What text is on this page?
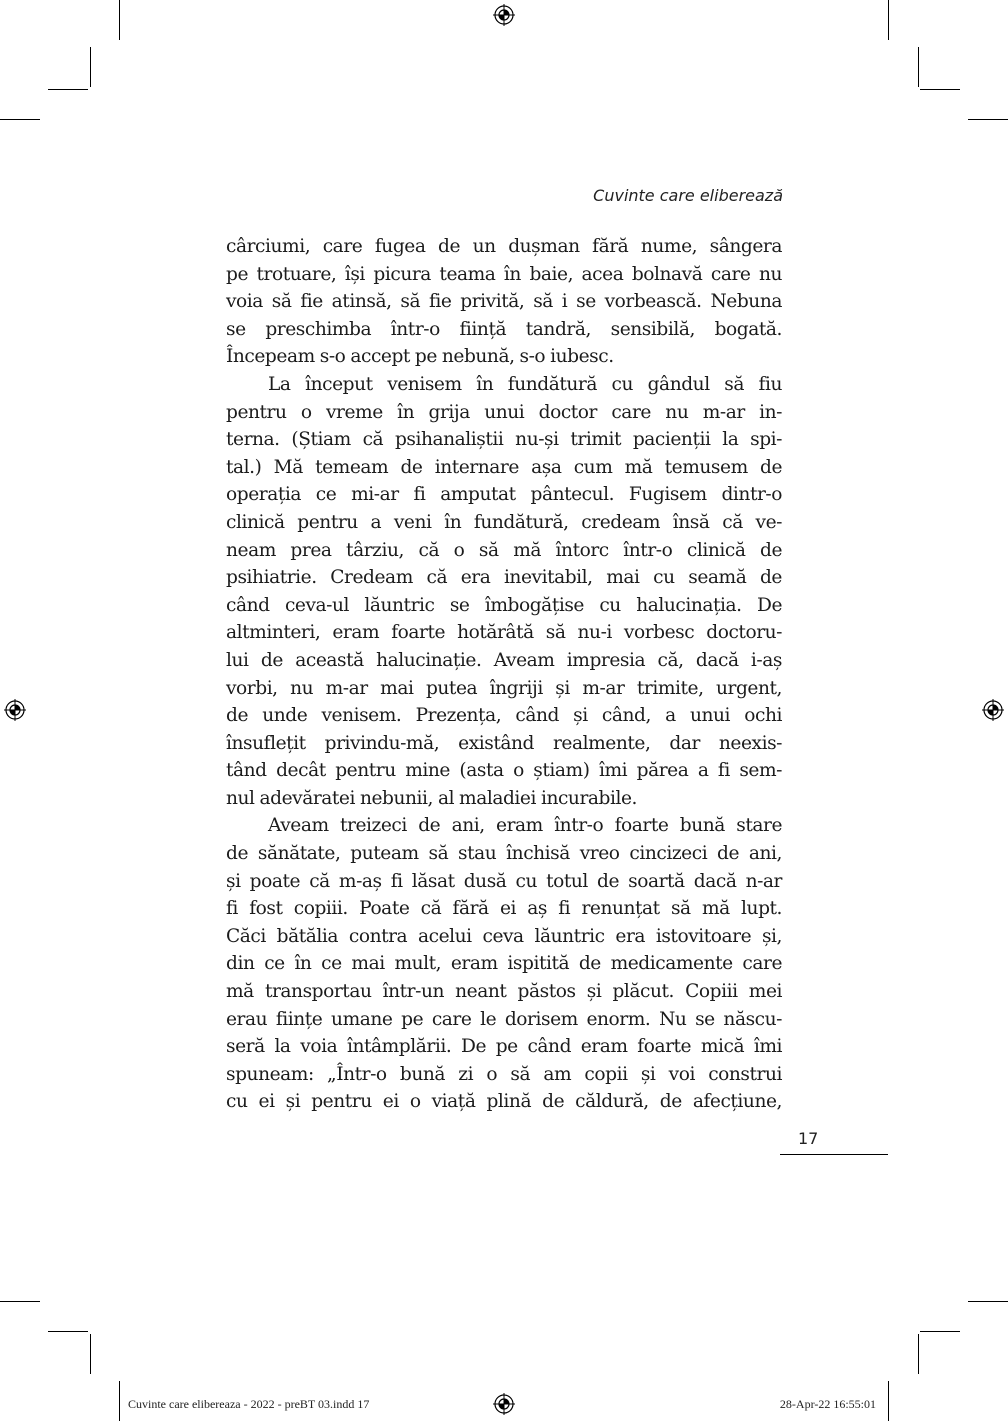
Cuvinte care eliberează
cârciumi, care fugea de un dușman fără nume, sângera
pe trotuare, își picura teama în baie, acea bolnavă care nu
voia să fie atinsă, să fie privită, să i se vorbească. Nebuna
se preschimba într-o ființă tandră, sensibilă, bogată.
Începeam s-o accept pe nebună, s-o iubesc.
La început venisem în fundătură cu gândul să fiu
pentru o vreme în grija unui doctor care nu m-ar in-
terna. (Știam că psihanaliștii nu-și trimit pacienții la spi-
tal.) Mă temeam de internare așa cum mă temusem de
operația ce mi-ar fi amputat pântecul. Fugisem dintr-o
clinică pentru a veni în fundătură, credeam însă că ve-
neam prea târziu, că o să mă întorc într-o clinică de
psihiatrie. Credeam că era inevitabil, mai cu seamă de
când ceva-ul lăuntric se îmbogățise cu halucinația. De
altminteri, eram foarte hotărâtă să nu-i vorbesc doctoru-
lui de această halucinație. Aveam impresia că, dacă i-aș
vorbi, nu m-ar mai putea îngriji și m-ar trimite, urgent,
de unde venisem. Prezența, când și când, a unui ochi
însuflețit privindu-mă, existând realmente, dar neexis-
tând decât pentru mine (asta o știam) îmi părea a fi sem-
nul adevăratei nebunii, al maladiei incurabile.
Aveam treizeci de ani, eram într-o foarte bună stare
de sănătate, puteam să stau închisă vreo cincizeci de ani,
și poate că m-aș fi lăsat dusă cu totul de soartă dacă n-ar
fi fost copiii. Poate că fără ei aș fi renunțat să mă lupt.
Căci bătălia contra acelui ceva lăuntric era istovitoare și,
din ce în ce mai mult, eram ispitită de medicamente care
mă transportau într-un neant păstos și plăcut. Copiii mei
erau ființe umane pe care le dorisem enorm. Nu se născu-
seră la voia întâmplării. De pe când eram foarte mică îmi
spuneam: „Într-o bună zi o să am copii și voi construi
cu ei și pentru ei o viață plină de căldură, de afecțiune,
17
Cuvinte care elibereaza - 2022 - preBT 03.indd 17	28-Apr-22 16:55:01
